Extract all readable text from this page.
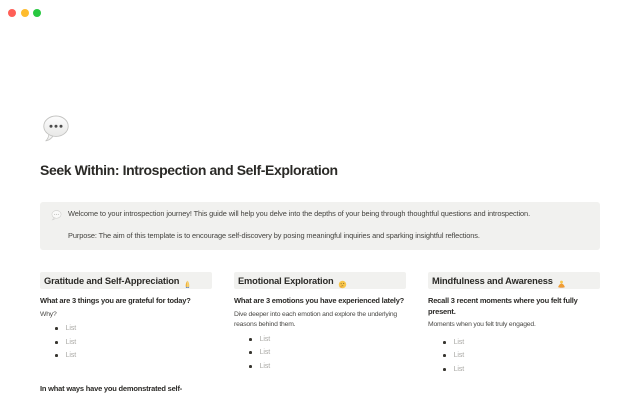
Seek Within: Introspection and Self-Exploration

Welcome to your introspection journey! This guide will help you delve into the depths of your being through thoughtful questions and introspection.

Purpose: The aim of this template is to encourage self-discovery by posing meaningful inquiries and sparking insightful reflections.

Gratitude and Self-Appreciation

What are 3 things you are grateful for today?

Why?

List
List
List

In what ways have you demonstrated self-

Emotional Exploration

What are 3 emotions you have experienced lately?

Dive deeper into each emotion and explore the underlying reasons behind them.

List
List
List
Mindfulness and Awareness

Recall 3 recent moments where you felt fully present.

Moments when you felt truly engaged.

List
List
List
